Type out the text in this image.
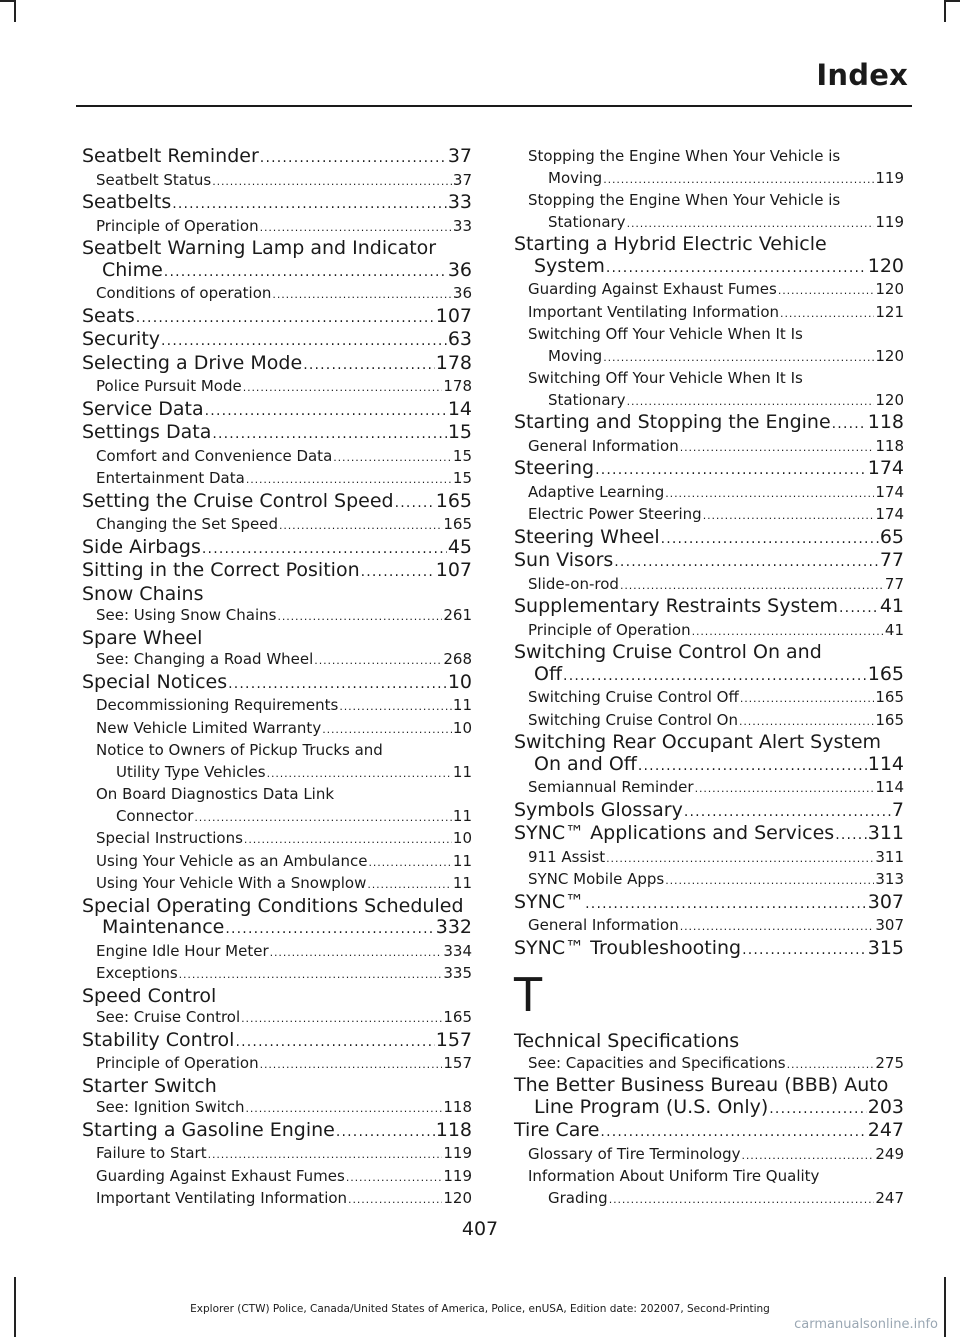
Index
Seatbelt Reminder .....	37
Seatbelt Status .....	37
Seatbelts .....	33
Principle of Operation .....	33
Seatbelt Warning Lamp and Indicator
Chime .....	36
Conditions of operation .....	36
Seats .....	107
Security .....	63
Selecting a Drive Mode .....	178
Police Pursuit Mode .....	178
Service Data .....	14
Settings Data .....	15
Comfort and Convenience Data .....	15
Entertainment Data .....	15
Setting the Cruise Control Speed ..... 165
Changing the Set Speed .....	165
Side Airbags .....	45
Sitting in the Correct Position .....	107
Snow Chains
See: Using Snow Chains .....	261
Spare Wheel
See: Changing a Road Wheel .....	268
Special Notices .....	10
Decommissioning Requirements .....	11
New Vehicle Limited Warranty .....	10
Notice to Owners of Pickup Trucks and
Utility Type Vehicles .....	11
On Board Diagnostics Data Link
Connector .....	11
Special Instructions .....	10
Using Your Vehicle as an Ambulance .....	11
Using Your Vehicle With a Snowplow .....	11
Special Operating Conditions Scheduled
Maintenance .....	332
Engine Idle Hour Meter .....	334
Exceptions .....	335
Speed Control
See: Cruise Control .....	165
Stability Control .....	157
Principle of Operation .....	157
Starter Switch
See: Ignition Switch .....	118
Starting a Gasoline Engine .....	118
Failure to Start .....	119
Guarding Against Exhaust Fumes .....	119
Important Ventilating Information .....	120
Stopping the Engine When Your Vehicle is
Moving .....	119
Stopping the Engine When Your Vehicle is
Stationary .....	119
Starting a Hybrid Electric Vehicle
System .....	120
Guarding Against Exhaust Fumes .....	120
Important Ventilating Information .....	121
Switching Off Your Vehicle When It Is
Moving .....	120
Switching Off Your Vehicle When It Is
Stationary .....	120
Starting and Stopping the Engine ..... 118
General Information .....	118
Steering .....	174
Adaptive Learning .....	174
Electric Power Steering .....	174
Steering Wheel .....	65
Sun Visors .....	77
Slide-on-rod .....	77
Supplementary Restraints System ..... 41
Principle of Operation .....	41
Switching Cruise Control On and
Off .....	165
Switching Cruise Control Off .....	165
Switching Cruise Control On .....	165
Switching Rear Occupant Alert System
On and Off .....	114
Semiannual Reminder .....	114
Symbols Glossary .....	7
SYNC™ Applications and Services ..... 311
911 Assist .....	311
SYNC Mobile Apps .....	313
SYNC™ .....	307
General Information .....	307
SYNC™ Troubleshooting .....	315
T
Technical Specifications
See: Capacities and Specifications .....	275
The Better Business Bureau (BBB) Auto
Line Program (U.S. Only) .....	203
Tire Care .....	247
Glossary of Tire Terminology .....	249
Information About Uniform Tire Quality
Grading .....	247
407
Explorer (CTW) Police, Canada/United States of America, Police, enUSA, Edition date: 202007, Second-Printing
carmanualsonline.info
